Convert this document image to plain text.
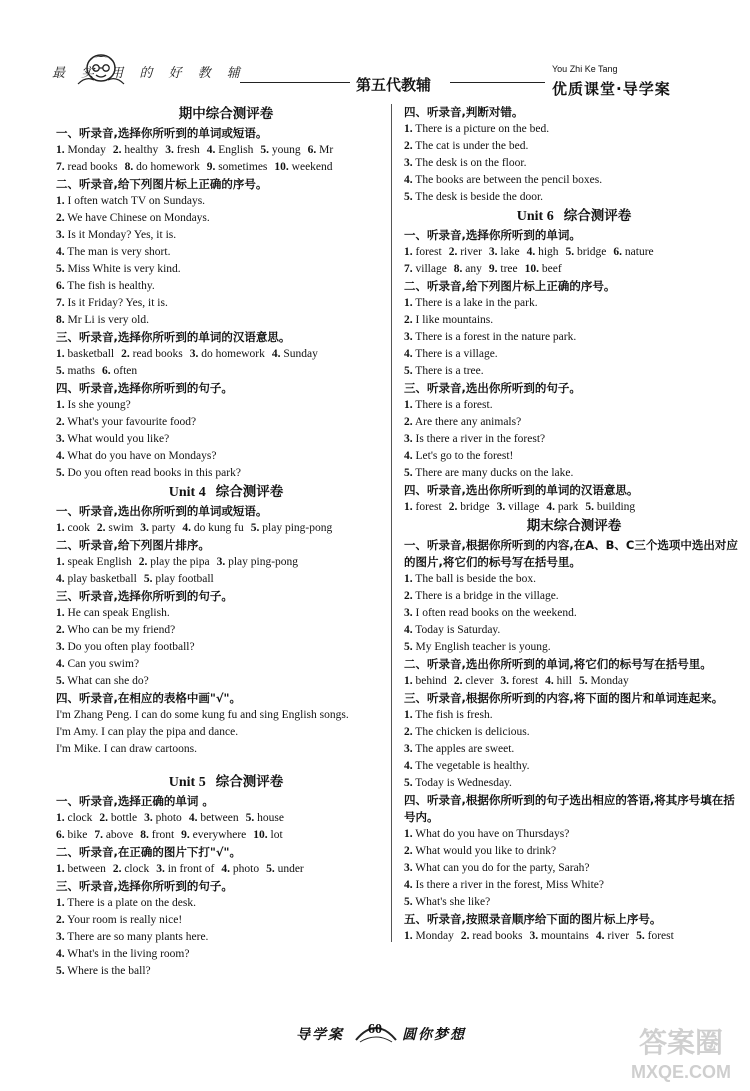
最 实 用 的 好 教 辅
第五代教辅
You Zhi Ke Tang
优质课堂·导学案
期中综合测评卷
一、听录音,选择你所听到的单词或短语。
1. Monday 2. healthy 3. fresh 4. English 5. young 6. Mr
7. read books 8. do homework 9. sometimes 10. weekend
二、听录音,给下列图片标上正确的序号。
1. I often watch TV on Sundays.
2. We have Chinese on Mondays.
3. Is it Monday? Yes, it is.
4. The man is very short.
5. Miss White is very kind.
6. The fish is healthy.
7. Is it Friday? Yes, it is.
8. Mr Li is very old.
三、听录音,选择你所听到的单词的汉语意思。
1. basketball 2. read books 3. do homework 4. Sunday
5. maths 6. often
四、听录音,选择你所听到的句子。
1. Is she young?
2. What's your favourite food?
3. What would you like?
4. What do you have on Mondays?
5. Do you often read books in this park?
Unit 4 综合测评卷
一、听录音,选出你所听到的单词或短语。
1. cook 2. swim 3. party 4. do kung fu 5. play ping-pong
二、听录音,给下列图片排序。
1. speak English 2. play the pipa 3. play ping-pong
4. play basketball 5. play football
三、听录音,选择你所听到的句子。
1. He can speak English.
2. Who can be my friend?
3. Do you often play football?
4. Can you swim?
5. What can she do?
四、听录音,在相应的表格中画"√"。
I'm Zhang Peng. I can do some kung fu and sing English songs.
I'm Amy. I can play the pipa and dance.
I'm Mike. I can draw cartoons.
Unit 5 综合测评卷
一、听录音,选择正确的单词 。
1. clock 2. bottle 3. photo 4. between 5. house
6. bike 7. above 8. front 9. everywhere 10. lot
二、听录音,在正确的图片下打"√"。
1. between 2. clock 3. in front of 4. photo 5. under
三、听录音,选择你所听到的句子。
1. There is a plate on the desk.
2. Your room is really nice!
3. There are so many plants here.
4. What's in the living room?
5. Where is the ball?
四、听录音,判断对错。
1. There is a picture on the bed.
2. The cat is under the bed.
3. The desk is on the floor.
4. The books are between the pencil boxes.
5. The desk is beside the door.
Unit 6 综合测评卷
一、听录音,选择你所听到的单词。
1. forest 2. river 3. lake 4. high 5. bridge 6. nature
7. village 8. any 9. tree 10. beef
二、听录音,给下列图片标上正确的序号。
1. There is a lake in the park.
2. I like mountains.
3. There is a forest in the nature park.
4. There is a village.
5. There is a tree.
三、听录音,选出你所听到的句子。
1. There is a forest.
2. Are there any animals?
3. Is there a river in the forest?
4. Let's go to the forest!
5. There are many ducks on the lake.
四、听录音,选出你所听到的单词的汉语意思。
1. forest 2. bridge 3. village 4. park 5. building
期末综合测评卷
一、听录音,根据你所听到的内容,在A、B、C三个选项中选出对应的图片,将它们的标号写在括号里。
1. The ball is beside the box.
2. There is a bridge in the village.
3. I often read books on the weekend.
4. Today is Saturday.
5. My English teacher is young.
二、听录音,选出你所听到的单词,将它们的标号写在括号里。
1. behind 2. clever 3. forest 4. hill 5. Monday
三、听录音,根据你所听到的内容,将下面的图片和单词连起来。
1. The fish is fresh.
2. The chicken is delicious.
3. The apples are sweet.
4. The vegetable is healthy.
5. Today is Wednesday.
四、听录音,根据你所听到的句子选出相应的答语,将其序号填在括号内。
1. What do you have on Thursdays?
2. What would you like to drink?
3. What can you do for the party, Sarah?
4. Is there a river in the forest, Miss White?
5. What's she like?
五、听录音,按照录音顺序给下面的图片标上序号。
1. Monday 2. read books 3. mountains 4. river 5. forest
导学案 60 圆你梦想	答案圈
MXQE.COM
